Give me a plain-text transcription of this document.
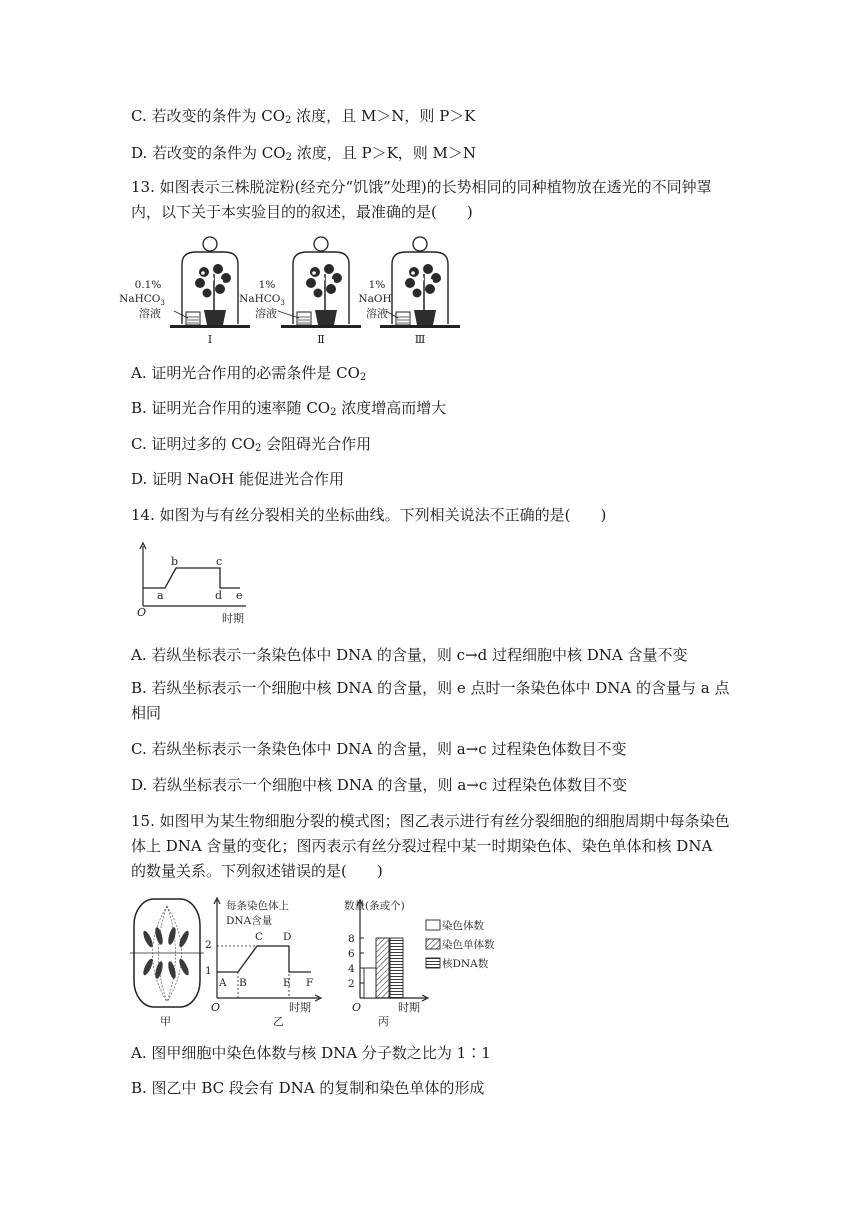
C. 若改变的条件为 $CO_2$ 浓度，且 M＞N，则 P＞K
D. 若改变的条件为 $CO_2$ 浓度，且 P＞K，则 M＞N
13. 如图表示三株脱淀粉(经充分“饥饿”处理)的长势相同的同种植物放在透光的不同钟罩内，以下关于本实验目的的叙述，最准确的是(　　)
0.1%
NaHCO$_3$
溶液
Ⅰ
1%
NaHCO$_3$
溶液
Ⅱ
1%
NaOH
溶液
Ⅲ
A. 证明光合作用的必需条件是 $CO_2$
B. 证明光合作用的速率随 $CO_2$ 浓度增高而增大
C. 证明过多的 $CO_2$ 会阻碍光合作用
D. 证明 NaOH 能促进光合作用
14. 如图为与有丝分裂相关的坐标曲线。下列相关说法不正确的是(　　)
a
b	c
d e
O	时期
A. 若纵坐标表示一条染色体中 DNA 的含量，则 c→d 过程细胞中核 DNA 含量不变
B. 若纵坐标表示一个细胞中核 DNA 的含量，则 e 点时一条染色体中 DNA 的含量与 a 点相同
C. 若纵坐标表示一条染色体中 DNA 的含量，则 a→c 过程染色体数目不变
D. 若纵坐标表示一个细胞中核 DNA 的含量，则 a→c 过程染色体数目不变
15. 如图甲为某生物细胞分裂的模式图；图乙表示进行有丝分裂细胞的细胞周期中每条染色体上 DNA 含量的变化；图丙表示有丝分裂过程中某一时期染色体、染色单体和核 DNA 的数量关系。下列叙述错误的是(　　)
甲
每条染色体上
DNA含量
A B
C D
E F
2
1
O	时期
乙
数量(条或个)
2
4
6
8
O	时期
丙
染色体数
染色单体数
核DNA数
A. 图甲细胞中染色体数与核 DNA 分子数之比为 1∶1
B. 图乙中 BC 段会有 DNA 的复制和染色单体的形成
